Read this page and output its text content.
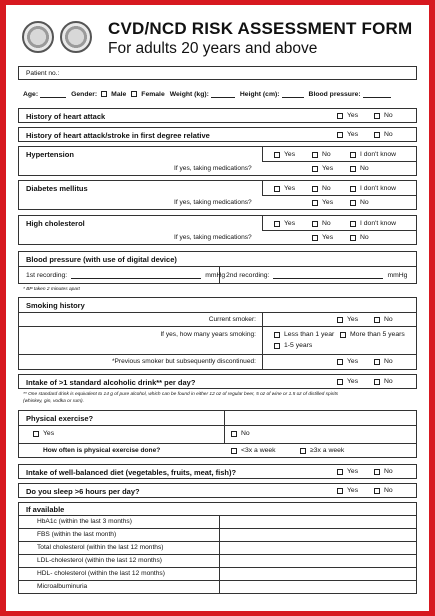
CVD/NCD RISK ASSESSMENT FORM
For adults 20 years and above
Patient no.:
Age:	Gender: Male Female Weight (kg):	Height (cm):	Blood pressure:
History of heart attack	Yes	No
History of heart attack/stroke in first degree relative	Yes	No
Hypertension	Yes	No	I don't know
If yes, taking medications?	Yes	No
Diabetes mellitus	Yes	No	I don't know
If yes, taking medications?	Yes	No
High cholesterol	Yes	No	I don't know
If yes, taking medications?	Yes	No
Blood pressure (with use of digital device)
1st recording:	mmHg 2nd recording:	mmHg
* BP taken 2 minutes apart
Smoking history
Current smoker:	Yes	No
If yes, how many years smoking:	Less than 1 year More than 5 years
1-5 years
*Previous smoker but subsequently discontinued:	Yes	No
Intake of >1 standard alcoholic drink** per day?	Yes	No
** One standard drink is equivalent to 14 g of pure alcohol, which can be found in either 12 oz of regular beer, 5 oz of wine or 1.5 oz of distilled spirits
(whiskey, gin, vodka or rum).
Physical exercise?
Yes	No
How often is physical exercise done?	<3x a week	≥3x a week
Intake of well-balanced diet (vegetables, fruits, meat, fish)?	Yes	No
Do you sleep >6 hours per day?	Yes	No
If available
HbA1c (within the last 3 months)
FBS (within the last month)
Total cholesterol (within the last 12 months)
LDL-cholesterol (within the last 12 months)
HDL- cholesterol (within the last 12 months)
Microalbuminuria
